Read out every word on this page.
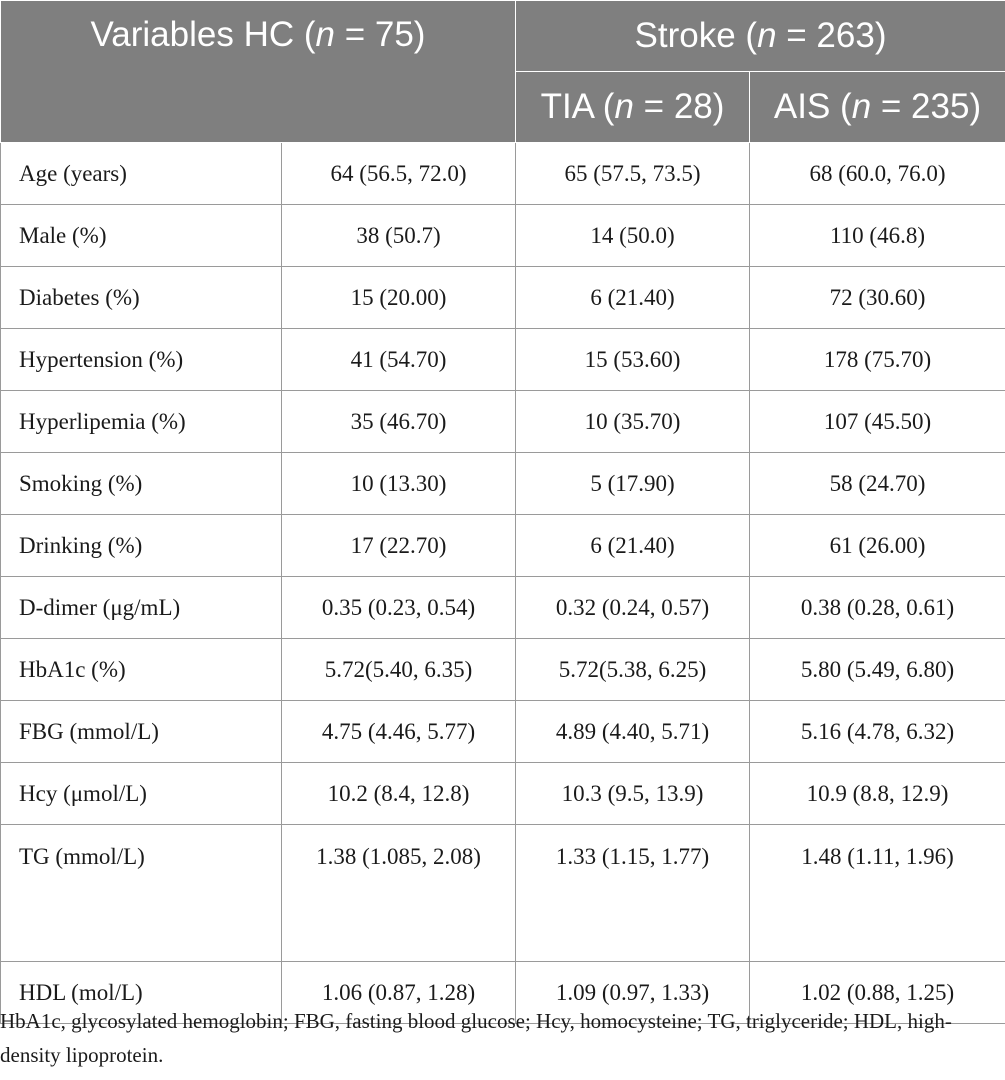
Variables HC (n = 75)		Stroke (n = 263)	
		TIA (n = 28)	AIS (n = 235)
Age (years)	64 (56.5, 72.0)	65 (57.5, 73.5)	68 (60.0, 76.0)
Male (%)	38 (50.7)	14 (50.0)	110 (46.8)
Diabetes (%)	15 (20.00)	6 (21.40)	72 (30.60)
Hypertension (%)	41 (54.70)	15 (53.60)	178 (75.70)
Hyperlipemia (%)	35 (46.70)	10 (35.70)	107 (45.50)
Smoking (%)	10 (13.30)	5 (17.90)	58 (24.70)
Drinking (%)	17 (22.70)	6 (21.40)	61 (26.00)
D-dimer (μg/mL)	0.35 (0.23, 0.54)	0.32 (0.24, 0.57)	0.38 (0.28, 0.61)
HbA1c (%)	5.72(5.40, 6.35)	5.72(5.38, 6.25)	5.80 (5.49, 6.80)
FBG (mmol/L)	4.75 (4.46, 5.77)	4.89 (4.40, 5.71)	5.16 (4.78, 6.32)
Hcy (μmol/L)	10.2 (8.4, 12.8)	10.3 (9.5, 13.9)	10.9 (8.8, 12.9)
TG (mmol/L)	1.38 (1.085, 2.08)	1.33 (1.15, 1.77)	1.48 (1.11, 1.96)
HDL (mol/L)	1.06 (0.87, 1.28)	1.09 (0.97, 1.33)	1.02 (0.88, 1.25)
HbA1c, glycosylated hemoglobin; FBG, fasting blood glucose; Hcy, homocysteine; TG, triglyceride; HDL, high-density lipoprotein.
